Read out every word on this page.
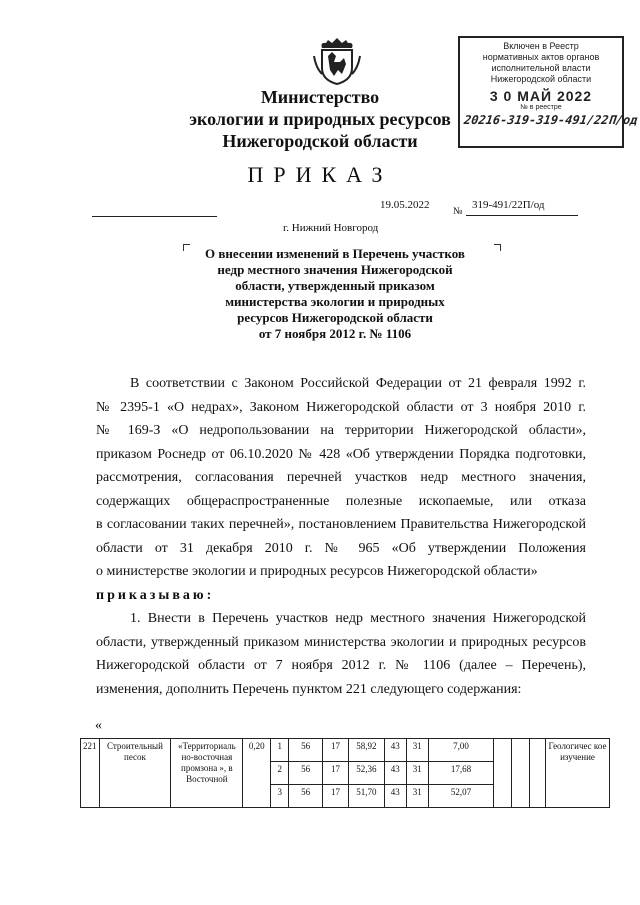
Министерство
экологии и природных ресурсов
Нижегородской области
Включен в Реестр
нормативных актов органов
исполнительной власти
Нижегородской области
3 0 МАЙ 2022
№ в реестре
20216-319-319-491/22П/од
ПРИКАЗ
19.05.2022
№
319-491/22П/од
г. Нижний Новгород
О внесении изменений в Перечень участков
недр местного значения Нижегородской
области, утвержденный приказом
министерства экологии и природных
ресурсов Нижегородской области
от 7 ноября 2012 г. № 1106
В соответствии с Законом Российской Федерации от 21 февраля 1992 г.
№ 2395-1 «О недрах», Законом Нижегородской области от 3 ноября 2010 г.
№ 169-З «О недропользовании на территории Нижегородской области»,
приказом Роснедр от 06.10.2020 № 428 «Об утверждении Порядка подготовки,
рассмотрения, согласования перечней участков недр местного значения,
содержащих общераспространенные полезные ископаемые, или отказа
в согласовании таких перечней», постановлением Правительства Нижегородской
области от 31 декабря 2010 г. № 965 «Об утверждении Положения
о министерстве экологии и природных ресурсов Нижегородской области»
приказываю:
1. Внести в Перечень участков недр местного значения Нижегородской
области, утвержденный приказом министерства экологии и природных ресурсов
Нижегородской области от 7 ноября 2012 г. № 1106 (далее – Перечень),
изменения, дополнить Перечень пунктом 221 следующего содержания:
«
221	Строительный песок	«Территориаль но-восточная промзона », в Восточной	0,20	1	56	17	58,92	43	31	7,00				Геологичес кое изучение
				2	56	17	52,36	43	31	17,68				
				3	56	17	51,70	43	31	52,07				
